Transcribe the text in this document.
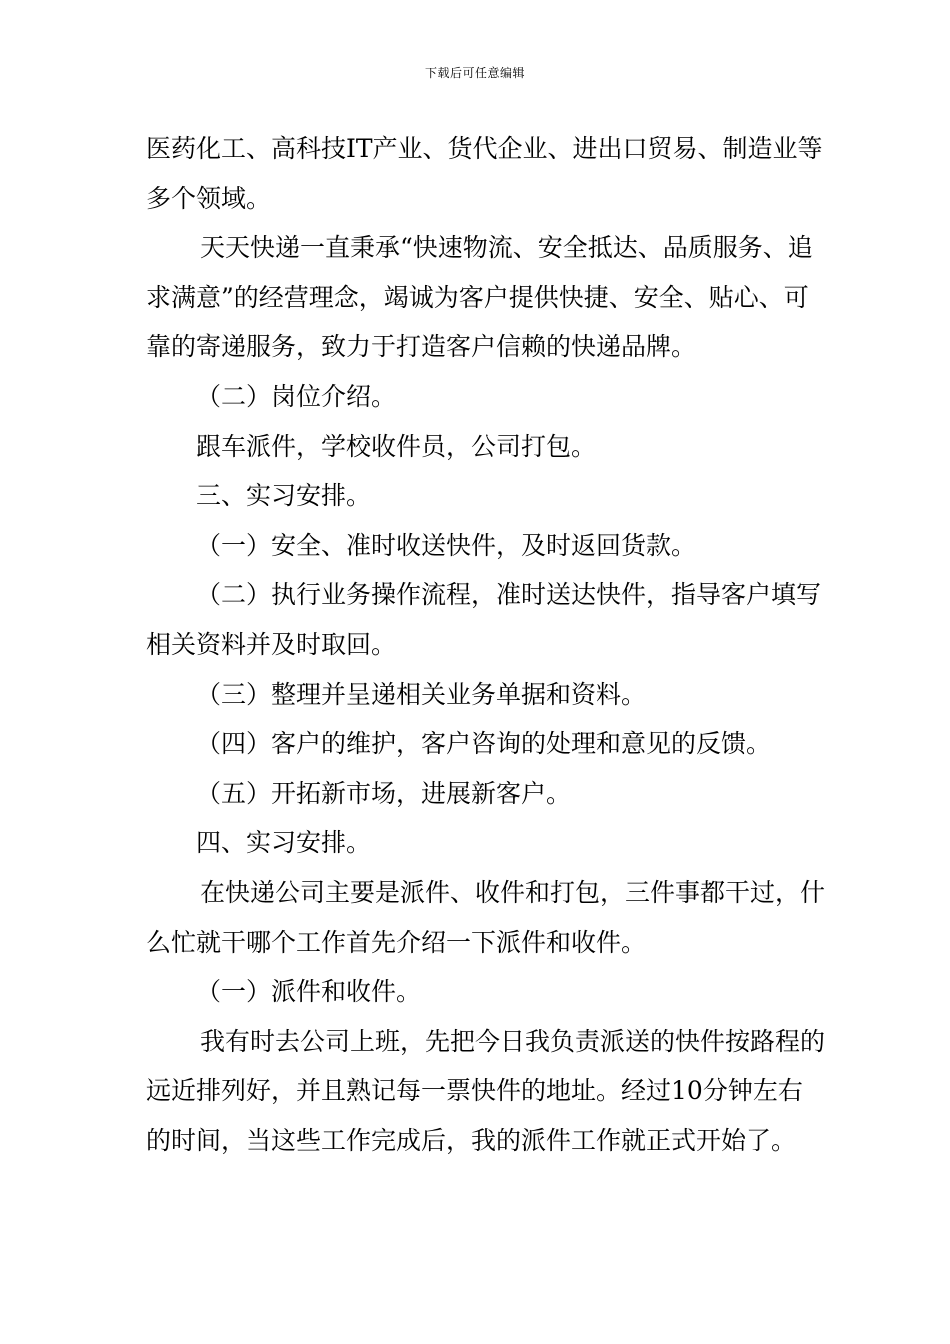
下载后可任意编辑

医药化工、高科技IT产业、货代企业、进出口贸易、制造业等多个领域。

天天快递一直秉承“快速物流、安全抵达、品质服务、追求满意”的经营理念，竭诚为客户提供快捷、安全、贴心、可靠的寄递服务，致力于打造客户信赖的快递品牌。

（二）岗位介绍。

跟车派件，学校收件员，公司打包。

三、实习安排。

（一）安全、准时收送快件，及时返回货款。

（二）执行业务操作流程，准时送达快件，指导客户填写相关资料并及时取回。

（三）整理并呈递相关业务单据和资料。

（四）客户的维护，客户咨询的处理和意见的反馈。

（五）开拓新市场，进展新客户。

四、实习安排。

在快递公司主要是派件、收件和打包，三件事都干过，什么忙就干哪个工作首先介绍一下派件和收件。

（一）派件和收件。

我有时去公司上班，先把今日我负责派送的快件按路程的远近排列好，并且熟记每一票快件的地址。经过10分钟左右的时间，当这些工作完成后，我的派件工作就正式开始了。
